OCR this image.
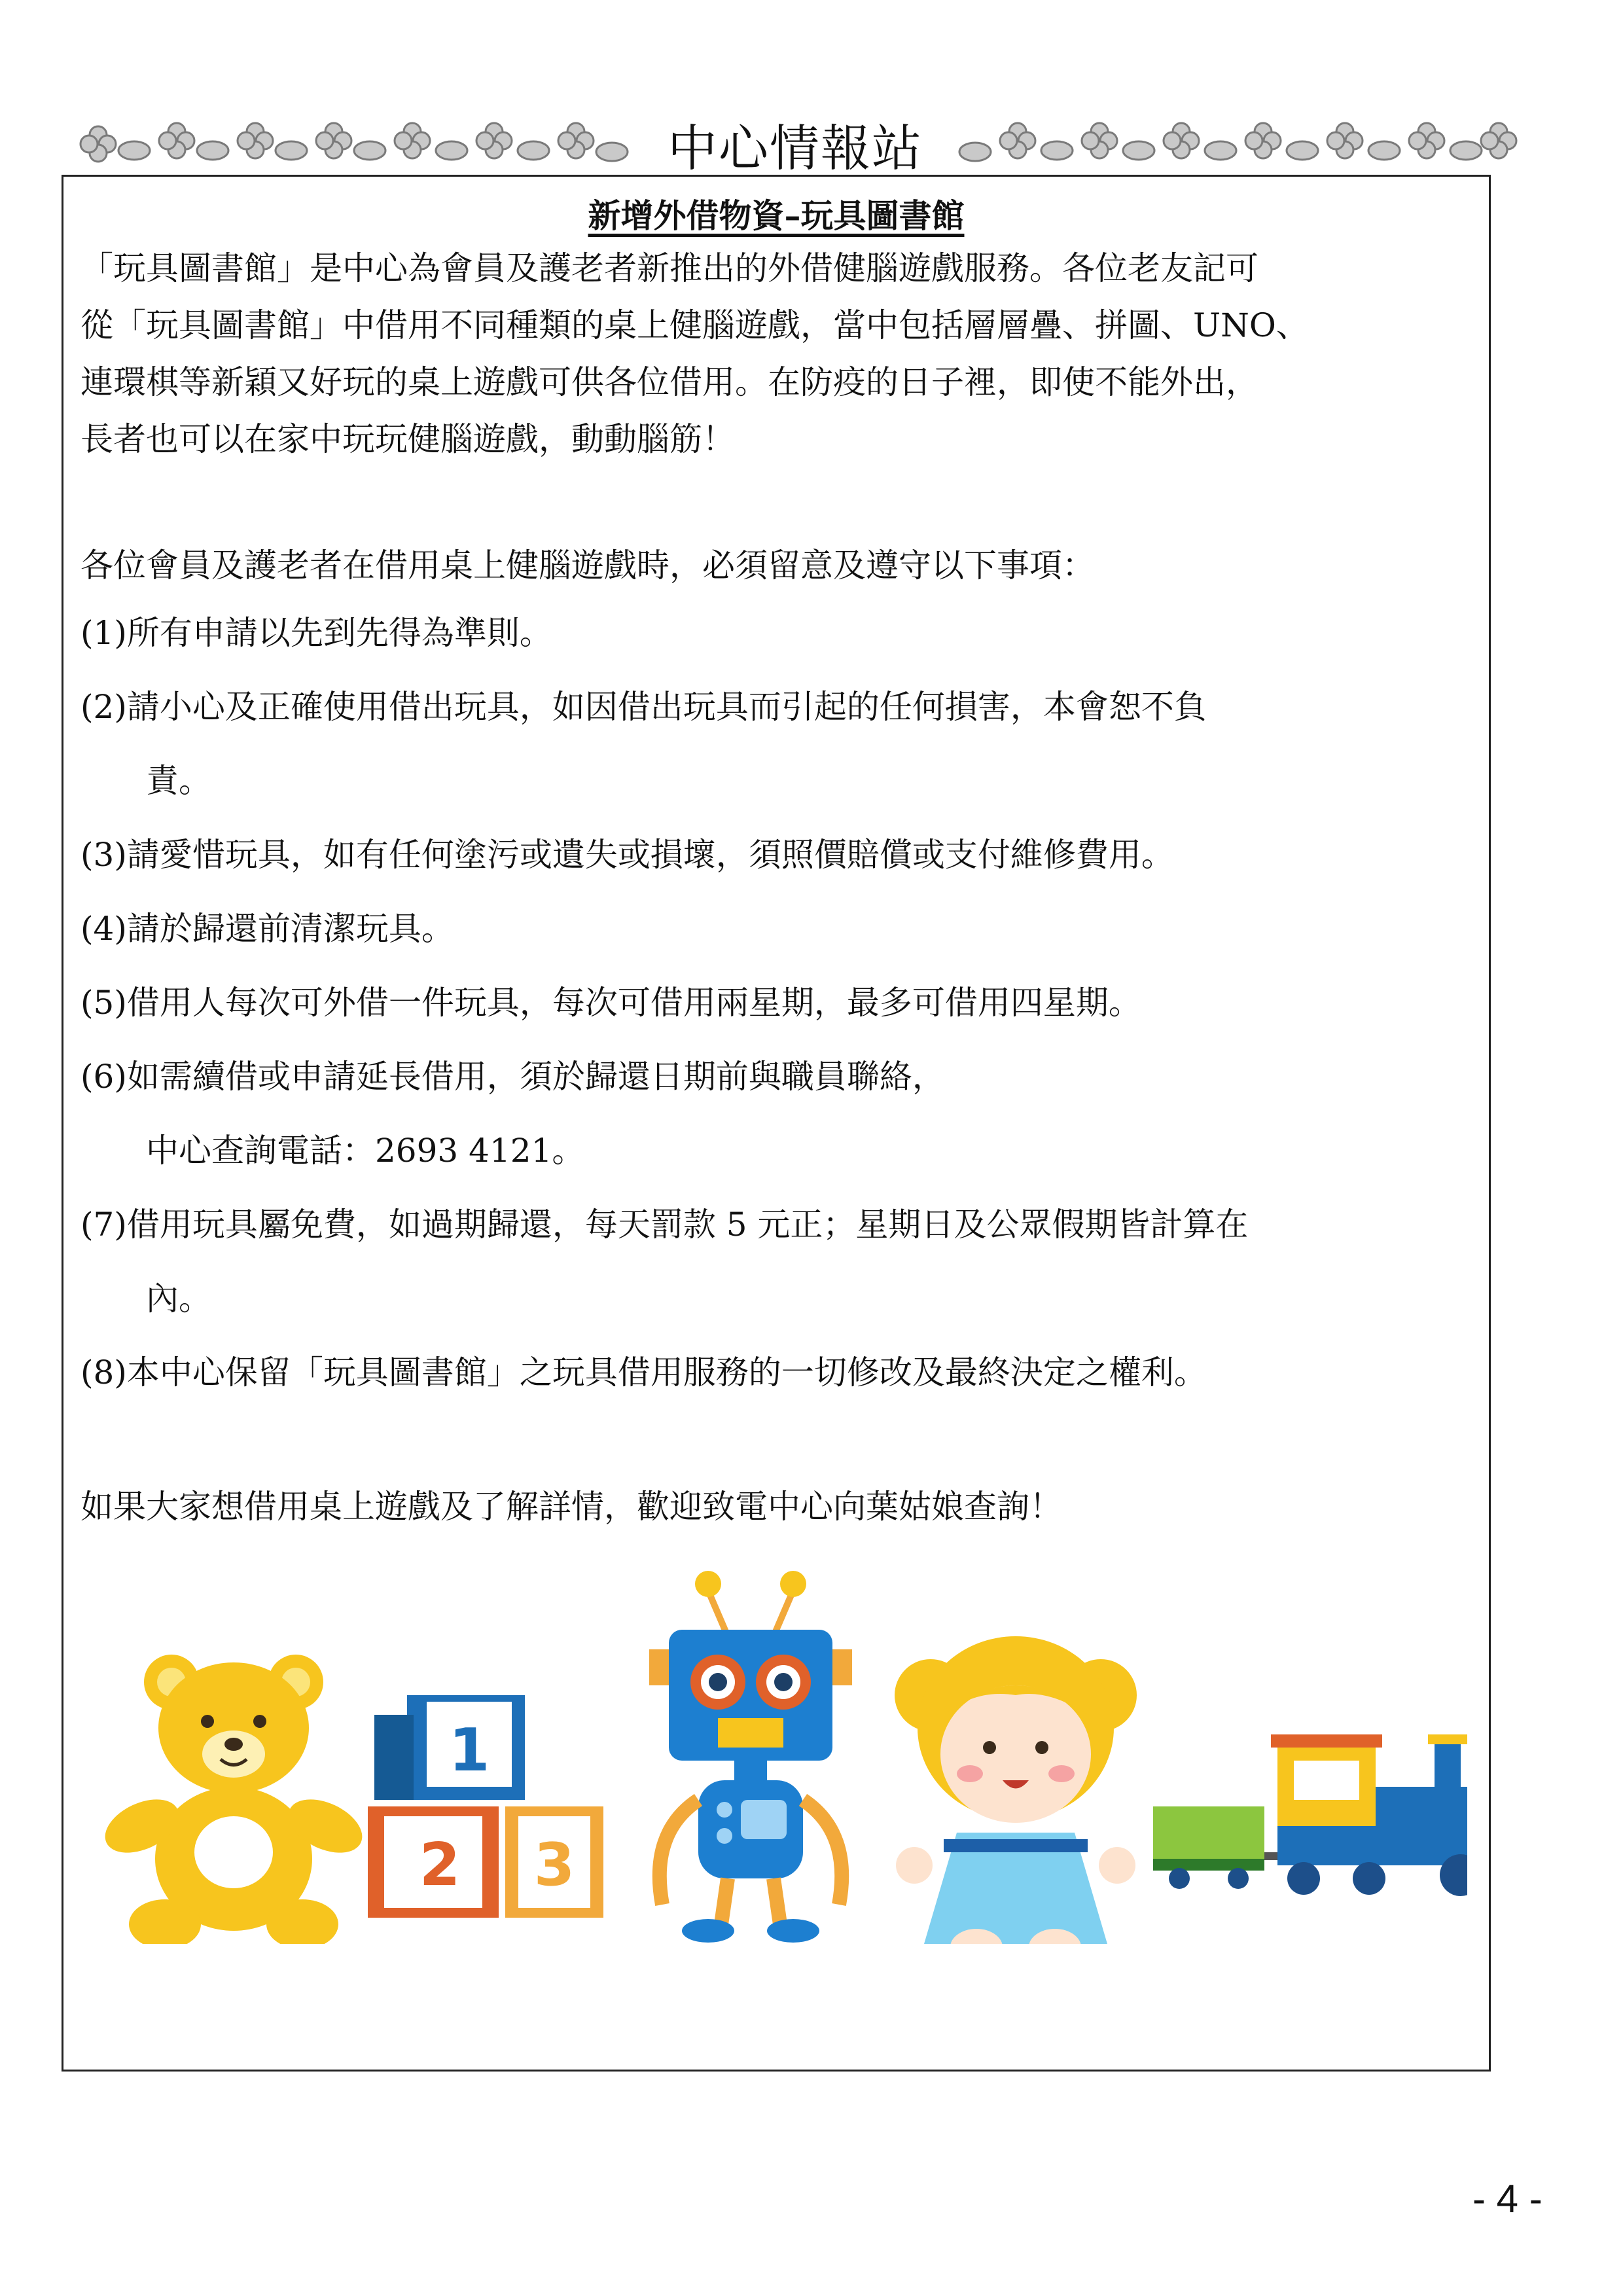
中心情報站
新增外借物資–玩具圖書館
「玩具圖書館」是中心為會員及護老者新推出的外借健腦遊戲服務。各位老友記可
從「玩具圖書館」中借用不同種類的桌上健腦遊戲，當中包括層層疊、拼圖、UNO、
連環棋等新穎又好玩的桌上遊戲可供各位借用。在防疫的日子裡，即使不能外出，
長者也可以在家中玩玩健腦遊戲，動動腦筋！
各位會員及護老者在借用桌上健腦遊戲時，必須留意及遵守以下事項：
(1)所有申請以先到先得為準則。
(2)請小心及正確使用借出玩具，如因借出玩具而引起的任何損害，本會恕不負
　　責。
(3)請愛惜玩具，如有任何塗污或遺失或損壞，須照價賠償或支付維修費用。
(4)請於歸還前清潔玩具。
(5)借用人每次可外借一件玩具，每次可借用兩星期，最多可借用四星期。
(6)如需續借或申請延長借用，須於歸還日期前與職員聯絡，
　　中心查詢電話：2693 4121。
(7)借用玩具屬免費，如過期歸還，每天罰款 5 元正；星期日及公眾假期皆計算在
　　內。
(8)本中心保留「玩具圖書館」之玩具借用服務的一切修改及最終決定之權利。
如果大家想借用桌上遊戲及了解詳情，歡迎致電中心向葉姑娘查詢！
1
2 3
- 4 -
